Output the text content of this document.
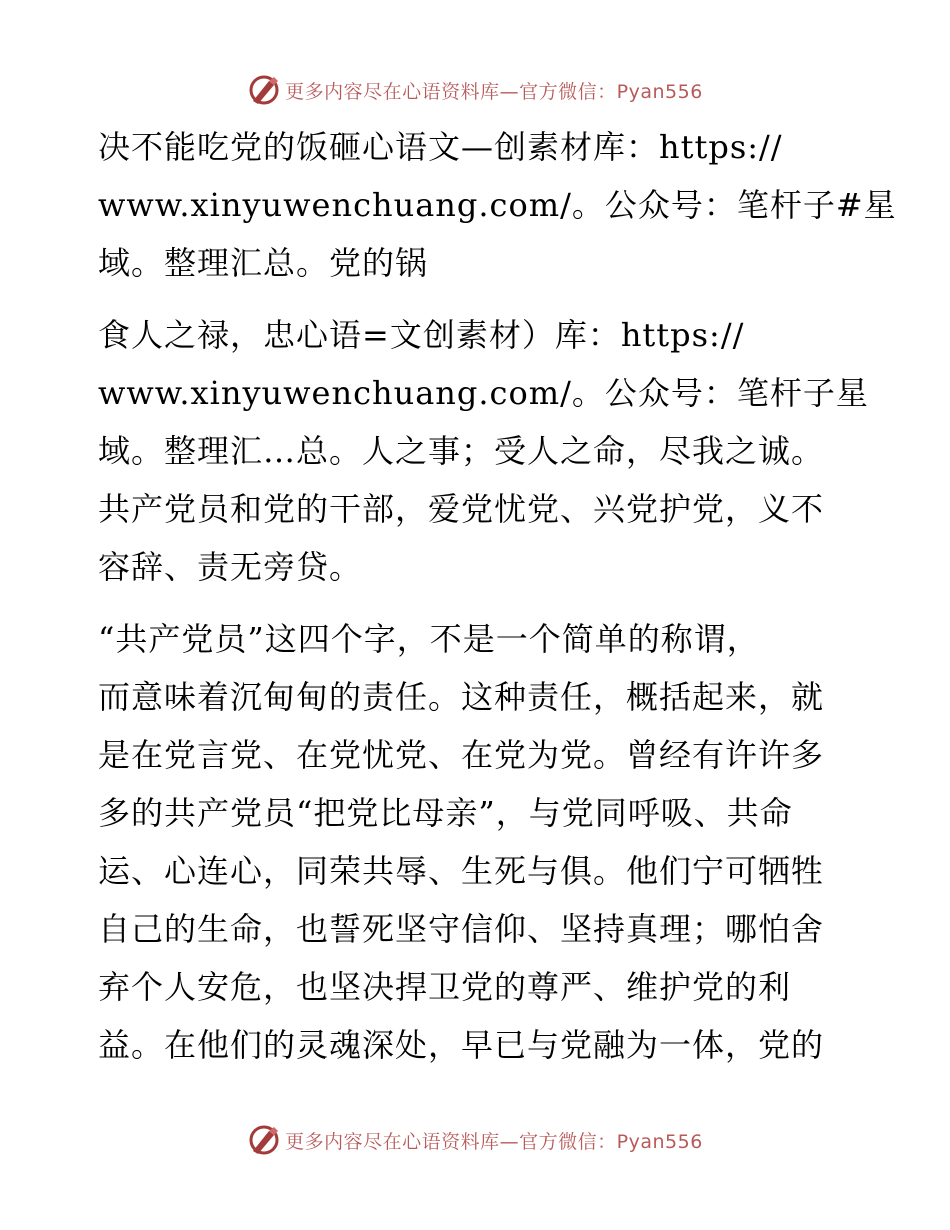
更多内容尽在心语资料库—官方微信：Pyan556

决不能吃党的饭砸心语文—创素材库：https://
www.xinyuwenchuang.com/。公众号：笔杆子#星
域。整理汇总。党的锅

食人之禄，忠心语=文创素材）库：https://
www.xinyuwenchuang.com/。公众号：笔杆子星
域。整理汇…总。人之事；受人之命，尽我之诚。
共产党员和党的干部，爱党忧党、兴党护党，义不
容辞、责无旁贷。

“共产党员”这四个字，不是一个简单的称谓，
而意味着沉甸甸的责任。这种责任，概括起来，就
是在党言党、在党忧党、在党为党。曾经有许许多
多的共产党员“把党比母亲”，与党同呼吸、共命
运、心连心，同荣共辱、生死与俱。他们宁可牺牲
自己的生命，也誓死坚守信仰、坚持真理；哪怕舍
弃个人安危，也坚决捍卫党的尊严、维护党的利
益。在他们的灵魂深处，早已与党融为一体，党的

更多内容尽在心语资料库—官方微信：Pyan556
